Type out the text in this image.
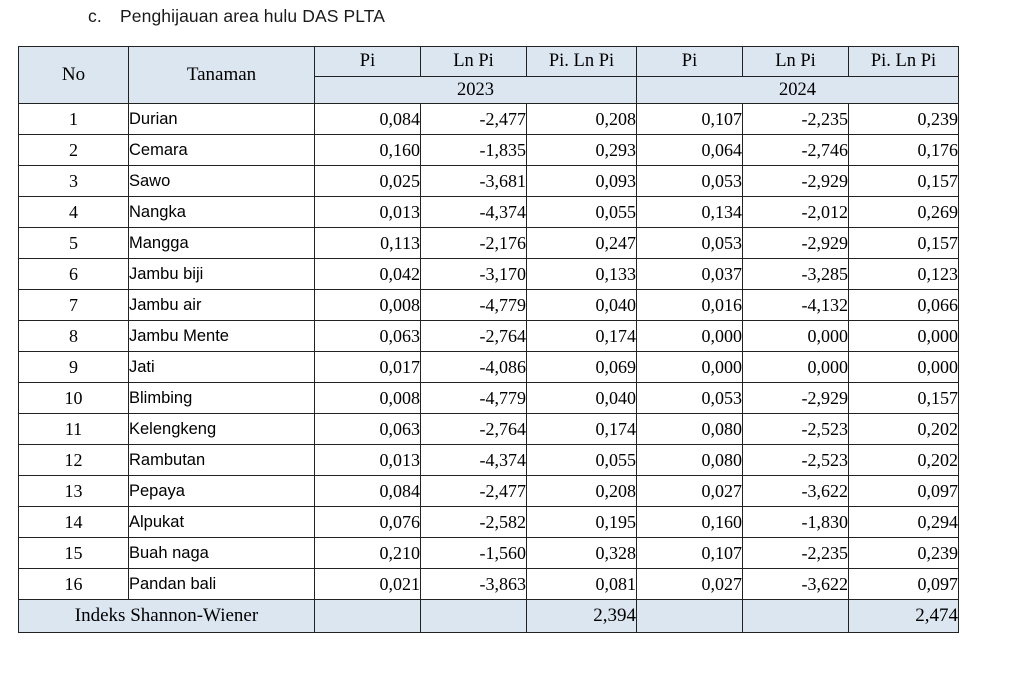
c. Penghijauan area hulu DAS PLTA
No	Tanaman	Pi	Ln Pi	Pi. Ln Pi	Pi	Ln Pi	Pi. Ln Pi
		2023			2024		
1	Durian	0,084	-2,477	0,208	0,107	-2,235	0,239
2	Cemara	0,160	-1,835	0,293	0,064	-2,746	0,176
3	Sawo	0,025	-3,681	0,093	0,053	-2,929	0,157
4	Nangka	0,013	-4,374	0,055	0,134	-2,012	0,269
5	Mangga	0,113	-2,176	0,247	0,053	-2,929	0,157
6	Jambu biji	0,042	-3,170	0,133	0,037	-3,285	0,123
7	Jambu air	0,008	-4,779	0,040	0,016	-4,132	0,066
8	Jambu Mente	0,063	-2,764	0,174	0,000	0,000	0,000
9	Jati	0,017	-4,086	0,069	0,000	0,000	0,000
10	Blimbing	0,008	-4,779	0,040	0,053	-2,929	0,157
11	Kelengkeng	0,063	-2,764	0,174	0,080	-2,523	0,202
12	Rambutan	0,013	-4,374	0,055	0,080	-2,523	0,202
13	Pepaya	0,084	-2,477	0,208	0,027	-3,622	0,097
14	Alpukat	0,076	-2,582	0,195	0,160	-1,830	0,294
15	Buah naga	0,210	-1,560	0,328	0,107	-2,235	0,239
16	Pandan bali	0,021	-3,863	0,081	0,027	-3,622	0,097
Indeks Shannon-Wiener				2,394			2,474
